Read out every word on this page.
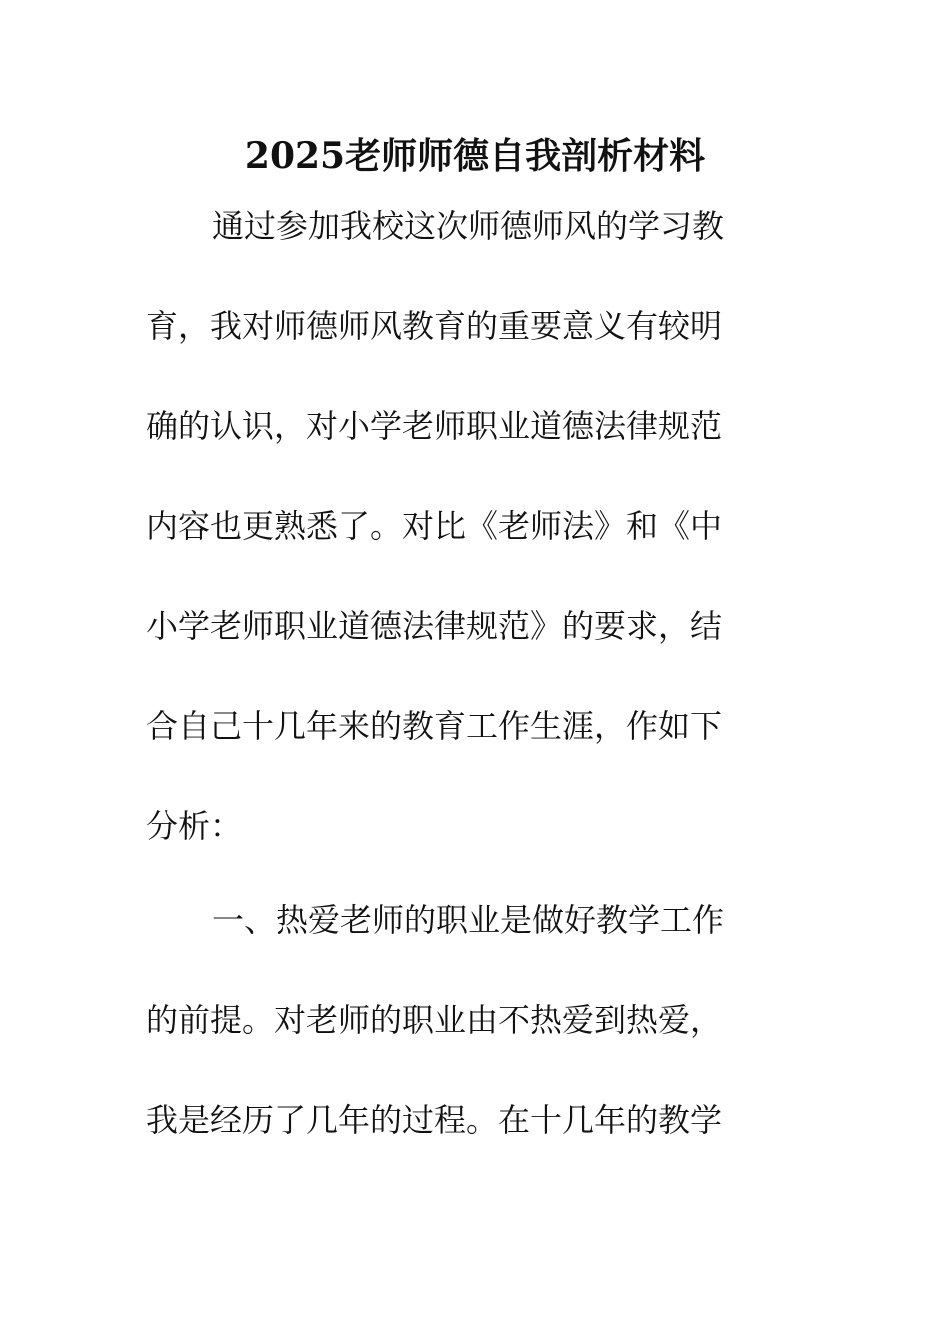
2025老师师德自我剖析材料
通过参加我校这次师德师风的学习教
育，我对师德师风教育的重要意义有较明
确的认识，对小学老师职业道德法律规范
内容也更熟悉了。对比《老师法》和《中
小学老师职业道德法律规范》的要求，结
合自己十几年来的教育工作生涯，作如下
分析：
一、热爱老师的职业是做好教学工作
的前提。对老师的职业由不热爱到热爱，
我是经历了几年的过程。在十几年的教学
